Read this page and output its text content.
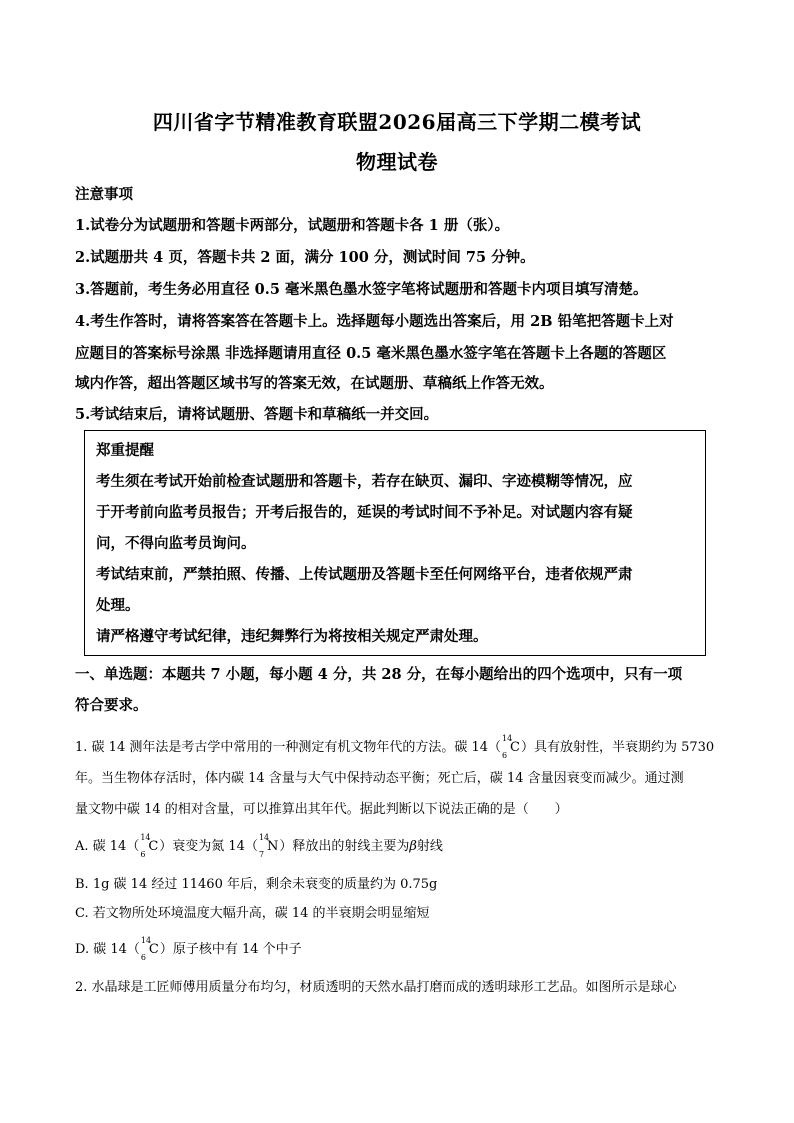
四川省字节精准教育联盟2026届高三下学期二模考试
物理试卷
注意事项
1.试卷分为试题册和答题卡两部分，试题册和答题卡各 1 册（张）。
2.试题册共 4 页，答题卡共 2 面，满分 100 分，测试时间 75 分钟。
3.答题前，考生务必用直径 0.5 毫米黑色墨水签字笔将试题册和答题卡内项目填写清楚。
4.考生作答时，请将答案答在答题卡上。选择题每小题选出答案后，用 2B 铅笔把答题卡上对
应题目的答案标号涂黑 非选择题请用直径 0.5 毫米黑色墨水签字笔在答题卡上各题的答题区
域内作答，超出答题区域书写的答案无效，在试题册、草稿纸上作答无效。
5.考试结束后，请将试题册、答题卡和草稿纸一并交回。
郑重提醒
考生须在考试开始前检查试题册和答题卡，若存在缺页、漏印、字迹模糊等情况，应
于开考前向监考员报告；开考后报告的，延误的考试时间不予补足。对试题内容有疑
问，不得向监考员询问。
考试结束前，严禁拍照、传播、上传试题册及答题卡至任何网络平台，违者依规严肃
处理。
请严格遵守考试纪律，违纪舞弊行为将按相关规定严肃处理。
一、单选题：本题共 7 小题，每小题 4 分，共 28 分，在每小题给出的四个选项中，只有一项
符合要求。
1. 碳 14 测年法是考古学中常用的一种测定有机文物年代的方法。碳 14（
14
6
C）具有放射性，半衰期约为 5730
年。当生物体存活时，体内碳 14 含量与大气中保持动态平衡；死亡后，碳 14 含量因衰变而减少。通过测
量文物中碳 14 的相对含量，可以推算出其年代。据此判断以下说法正确的是（　　）
A. 碳 14（
14
6
C）衰变为氮 14（
14
7
N）释放出的射线主要为β射线
B. 1g 碳 14 经过 11460 年后，剩余未衰变的质量约为 0.75g
C. 若文物所处环境温度大幅升高，碳 14 的半衰期会明显缩短
D. 碳 14（
14
6
C）原子核中有 14 个中子
2. 水晶球是工匠师傅用质量分布均匀，材质透明的天然水晶打磨而成的透明球形工艺品。如图所示是球心
